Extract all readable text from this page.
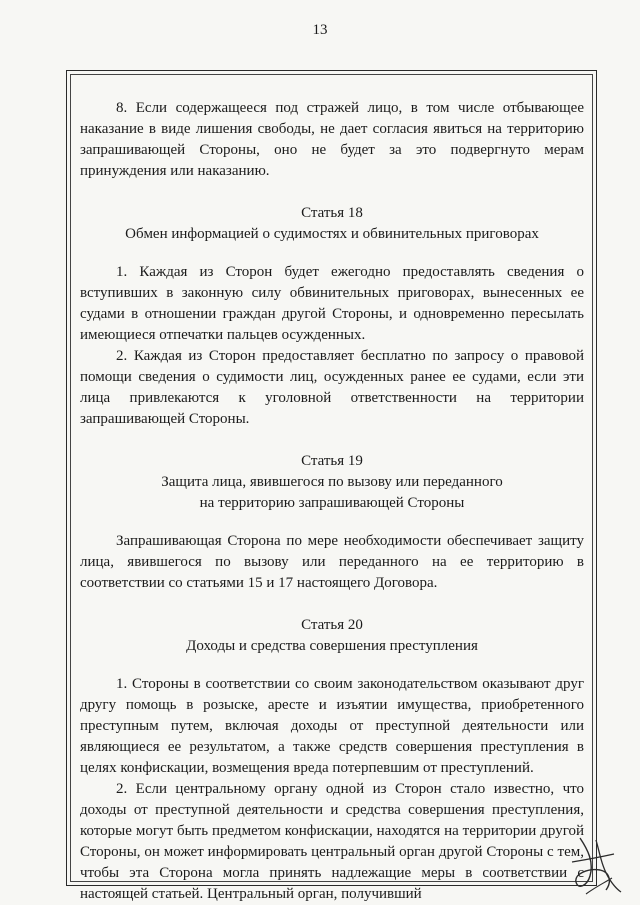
13

8. Если содержащееся под стражей лицо, в том числе отбывающее наказание в виде лишения свободы, не дает согласия явиться на территорию запрашивающей Стороны, оно не будет за это подвергнуто мерам принуждения или наказанию.

Статья 18

Обмен информацией о судимостях и обвинительных приговорах

1. Каждая из Сторон будет ежегодно предоставлять сведения о вступивших в законную силу обвинительных приговорах, вынесенных ее судами в отношении граждан другой Стороны, и одновременно пересылать имеющиеся отпечатки пальцев осужденных.

2. Каждая из Сторон предоставляет бесплатно по запросу о правовой помощи сведения о судимости лиц, осужденных ранее ее судами, если эти лица привлекаются к уголовной ответственности на территории запрашивающей Стороны.

Статья 19

Защита лица, явившегося по вызову или переданного

на территорию запрашивающей Стороны

Запрашивающая Сторона по мере необходимости обеспечивает защиту лица, явившегося по вызову или переданного на ее территорию в соответствии со статьями 15 и 17 настоящего Договора.

Статья 20

Доходы и средства совершения преступления

1. Стороны в соответствии со своим законодательством оказывают друг другу помощь в розыске, аресте и изъятии имущества, приобретенного преступным путем, включая доходы от преступной деятельности или являющиеся ее результатом, а также средств совершения преступления в целях конфискации, возмещения вреда потерпевшим от преступлений.

2. Если центральному органу одной из Сторон стало известно, что доходы от преступной деятельности и средства совершения преступления, которые могут быть предметом конфискации, находятся на территории другой Стороны, он может информировать центральный орган другой Стороны с тем, чтобы эта Сторона могла принять надлежащие меры в соответствии с настоящей статьей. Центральный орган, получивший
